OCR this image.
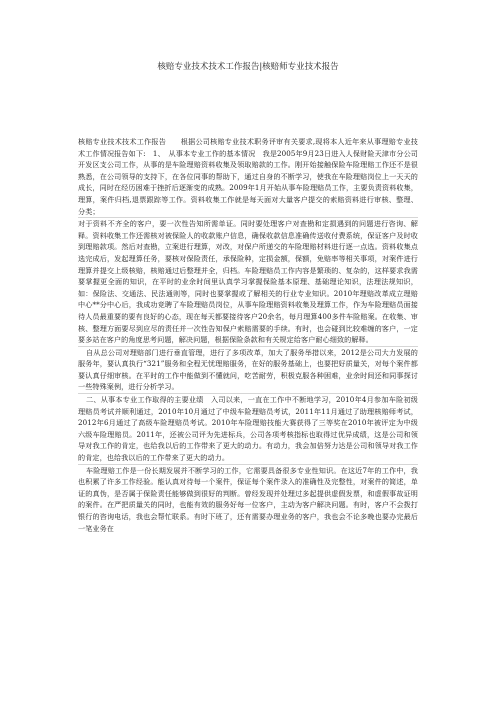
核赔专业技术技术工作报告|核赔师专业技术报告

核赔专业技术技术工作报告　　根据公司核赔专业技术职务评审有关要求,现将本人近年来从事理赔专业技术工作情况报告如下:　1、　从事本专业工作的基本情况　我是2005年9月23日进入人保财险天津市分公司开发区支公司工作，从事的是车险理赔资料收集及领取赔款的工作。刚开始接触保险车险理赔工作还不是很熟悉，在公司领导的支持下，在各位同事的帮助下，通过自身的不断学习，使我在车险理赔岗位上一天天的成长，同时在经历困难于挫折后逐渐变的成熟。2009年1月开始从事车险理赔员工作，主要负责资料收集，理算，案件归档,退票跟踪等工作。资料收集工作就是每天面对大量客户提交的索赔资料进行审核、整理、分类；

对于资料不齐全的客户，要一次性告知所需单证。同时要处理客户对查勘和定损遇到的问题进行咨询、解释。资料收集工作还需核对被保险人的收款账户信息，确保收款信息准确传送收付费系统，保证客户及时收到理赔款项。然后对查勘，立案进行理算，对改，对保户所递交的车险理赔材料进行逐一点选。资料收集点选完成后，发起理算任务，要核对保险责任，承保险种，定损金额，保额，免赔率等相关事项，对案件进行理算并提交上级核赔，核赔通过后整理并全，归档。车险理赔员工作内容是繁琐的、复杂的，这样要求我需要掌握更全面的知识，在平时的业余时间里认真学习掌握保险基本原理、基础理论知识，法理法规知识，如：保险法、交通法、民法通则等，同时也要掌握或了解相关的行业专业知识。2010年理赔改革成立理赔中心**分中心后，我成功竞聘了车险理赔员岗位，从事车险理赔资料收集及理算工作，作为车险理赔员面接待人员最重要的要有良好的心态，现在每天都要接待客户20余名，每月理算400多件车险赔案。在收集、审核、整理方面要尽到应尽的责任并一次性告知保户索赔需要的手续。有时，也会碰到比较难缠的客户，一定要多站在客户的角度思考问题，解决问题，根据保险条款和有关规定给客户耐心细致的解释。

自从总公司对理赔部门进行垂直管理，进行了多项改革，加大了服务举措以来，2012是公司大力发展的服务年，要认真执行“321”服务和全程无忧理赔服务，在好的服务基础上，也要把好质量关，对每个案件都要认真仔细审核。在平时的工作中能做到不懂就问，吃苦耐劳，积极克服各种困难，业余时间还和同事探讨一些特殊案例，进行分析学习。

二、从事本专业工作取得的主要业绩　入司以来，一直在工作中不断地学习，2010年4月参加车险初级理赔员考试并顺利通过，2010年10月通过了中级车险理赔员考试，2011年11月通过了助理核赔师考试，2012年6月通过了高级车险理赔员考试。2010年车险理赔技能大赛获得了三等奖在2010年被评定为中级六级车险理赔员。2011年，还被公司评为先进标兵，公司各项考核指标也取得过优异成绩，这是公司和领导对我工作的肯定，也给我以后的工作带来了更大的动力。有动力，我会加倍努力达是公司和领导对我工作的肯定，也给我以后的工作带来了更大的动力。

车险理赔工作是一份长期发展并不断学习的工作，它需要具备很多专业性知识。在这近7年的工作中，我也积累了许多工作经验。能认真对待每一个案件，保证每个案件录入的准确性及完整性，对案件的简述，单证的真伪，是否属于保险责任能够做到很好的判断。曾经发现并处理过多起提供虚假发票，和虚假事故证明的案件。在严把质量关的同时，也能有效的服务好每一位客户，主动为客户解决问题。有时，客户不会拨打银行的咨询电话，我也会帮忙联系。有时下班了，还有需要办理业务的客户，我也会不论多晚也要办完最后一笔业务在
